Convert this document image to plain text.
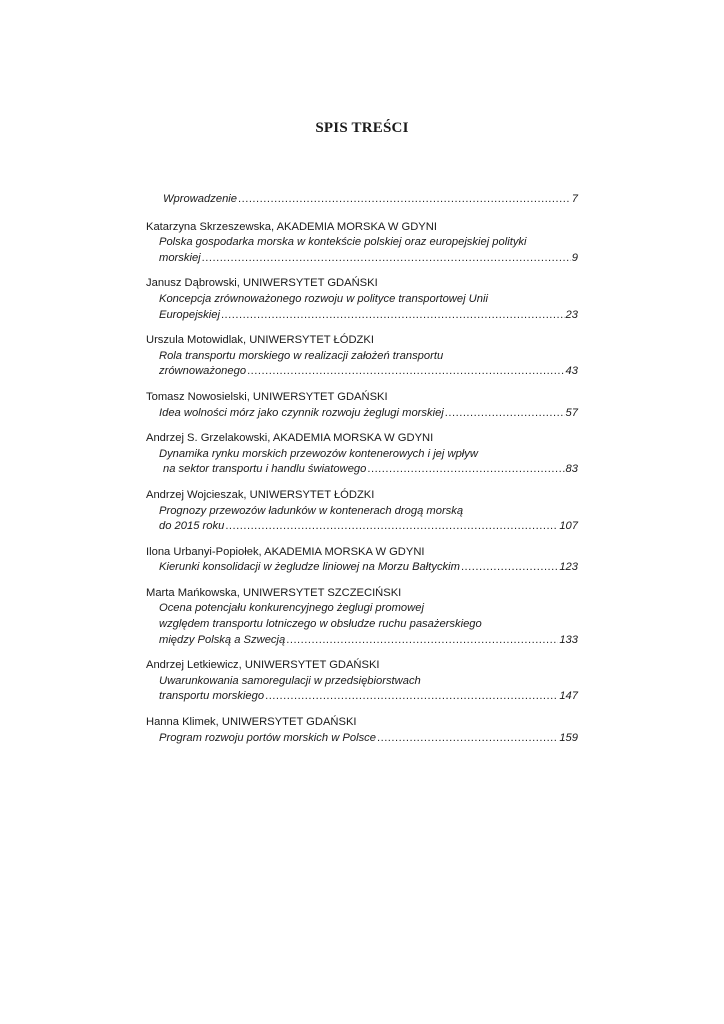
SPIS TREŚCI
Wprowadzenie .....	7
Katarzyna Skrzeszewska, AKADEMIA MORSKA W GDYNI
Polska gospodarka morska w kontekście polskiej oraz europejskiej polityki
morskiej .....	9
Janusz Dąbrowski, UNIWERSYTET GDAŃSKI
Koncepcja zrównoważonego rozwoju w polityce transportowej Unii
Europejskiej .....	23
Urszula Motowidlak, UNIWERSYTET ŁÓDZKI
Rola transportu morskiego w realizacji założeń transportu
zrównoważonego .....	43
Tomasz Nowosielski, UNIWERSYTET GDAŃSKI
Idea wolności mórz jako czynnik rozwoju żeglugi morskiej .....	57
Andrzej S. Grzelakowski, AKADEMIA MORSKA W GDYNI
Dynamika rynku morskich przewozów kontenerowych i jej wpływ
na sektor transportu i handlu światowego .....	83
Andrzej Wojcieszak, UNIWERSYTET ŁÓDZKI
Prognozy przewozów ładunków w kontenerach drogą morską
do 2015 roku .....	107
Ilona Urbanyi-Popiołek, AKADEMIA MORSKA W GDYNI
Kierunki konsolidacji w żegludze liniowej na Morzu Bałtyckim .....	123
Marta Mańkowska, UNIWERSYTET SZCZECIŃSKI
Ocena potencjału konkurencyjnego żeglugi promowej
względem transportu lotniczego w obsłudze ruchu pasażerskiego
między Polską a Szwecją .....	133
Andrzej Letkiewicz, UNIWERSYTET GDAŃSKI
Uwarunkowania samoregulacji w przedsiębiorstwach
transportu morskiego .....	147
Hanna Klimek, UNIWERSYTET GDAŃSKI
Program rozwoju portów morskich w Polsce .....	159
